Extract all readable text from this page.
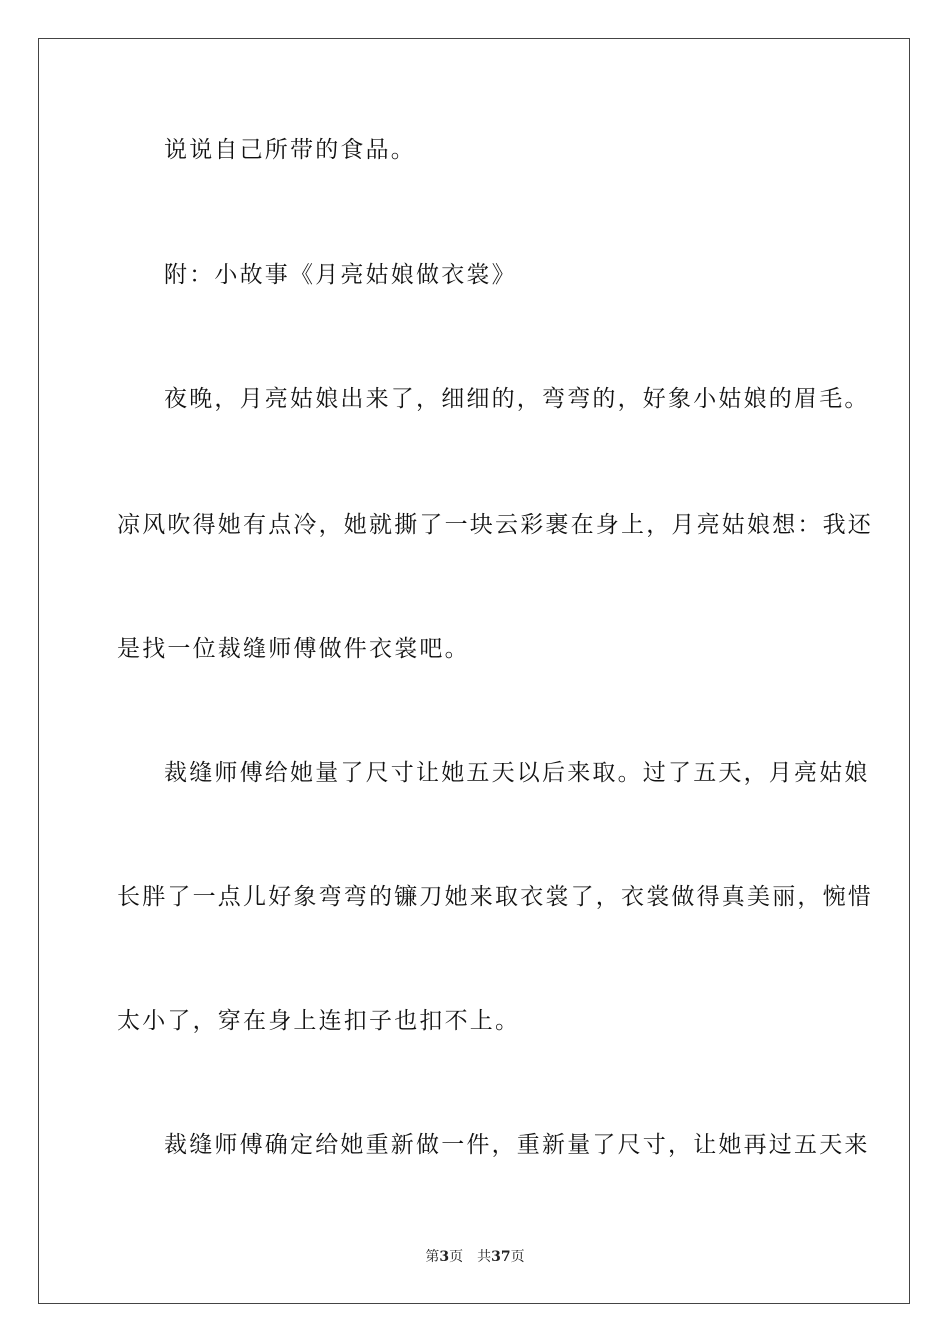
说说自己所带的食品。
附：小故事《月亮姑娘做衣裳》
夜晚，月亮姑娘出来了，细细的，弯弯的，好象小姑娘的眉毛。
凉风吹得她有点冷，她就撕了一块云彩裹在身上，月亮姑娘想：我还
是找一位裁缝师傅做件衣裳吧。
裁缝师傅给她量了尺寸让她五天以后来取。过了五天，月亮姑娘
长胖了一点儿好象弯弯的镰刀她来取衣裳了，衣裳做得真美丽，惋惜
太小了，穿在身上连扣子也扣不上。
裁缝师傅确定给她重新做一件，重新量了尺寸，让她再过五天来
第3页 共37页
